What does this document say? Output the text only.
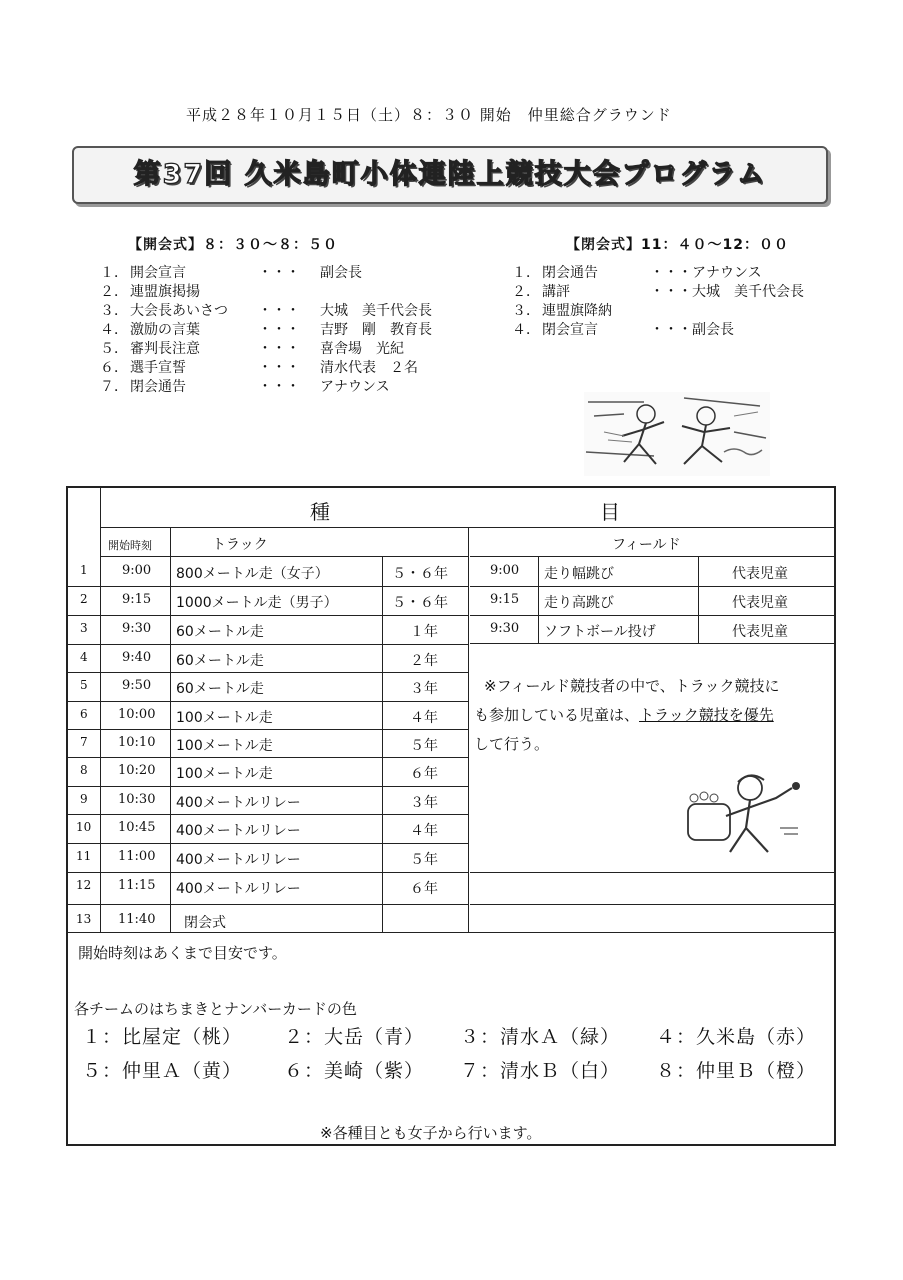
平成２８年１０月１５日（土）８：３０ 開始　仲里総合グラウンド
第37回 久米島町小体連陸上競技大会プログラム
【開会式】８：３０～８：５０
１． 開会宣言	・・・ 副会長
２． 連盟旗掲揚
３． 大会長あいさつ ・・・ 大城　美千代会長
４． 激励の言葉	・・・ 吉野　剛　教育長
５． 審判長注意	・・・ 喜舎場　光紀
６． 選手宣誓	・・・ 清水代表　２名
７． 閉会通告	・・・ アナウンス
【閉会式】11：４０～12：００
１． 閉会通告	・・・アナウンス
２． 講評	・・・大城　美千代会長
３． 連盟旗降納
４． 閉会宣言	・・・副会長
1	9:00 800メートル走（女子）	５・６年
2	9:15 1000メートル走（男子）	５・６年
3	9:30 60メートル走	１年
4	9:40 60メートル走	２年
5	9:50 60メートル走	３年
6 10:00 100メートル走	４年
7 10:10 100メートル走	５年
8 10:20 100メートル走	６年
9 10:30 400メートルリレー	３年
10 10:45 400メートルリレー	４年
11 11:00 400メートルリレー	５年
12 11:15 400メートルリレー	６年
13 11:40 閉会式
9:00 走り幅跳び	代表児童
9:15 走り高跳び	代表児童
9:30 ソフトボール投げ	代表児童
種	目
開始時刻	トラック	フィールド
※フィールド競技者の中で、トラック競技に
も参加している児童は、トラック競技を優先
して行う。
開始時刻はあくまで目安です。
各チームのはちまきとナンバーカードの色
１：比屋定（桃） ２：大岳（青） ３：清水Ａ（緑） ４：久米島（赤）
５：仲里Ａ（黄） ６：美崎（紫） ７：清水Ｂ（白） ８：仲里Ｂ（橙）
※各種目とも女子から行います。
